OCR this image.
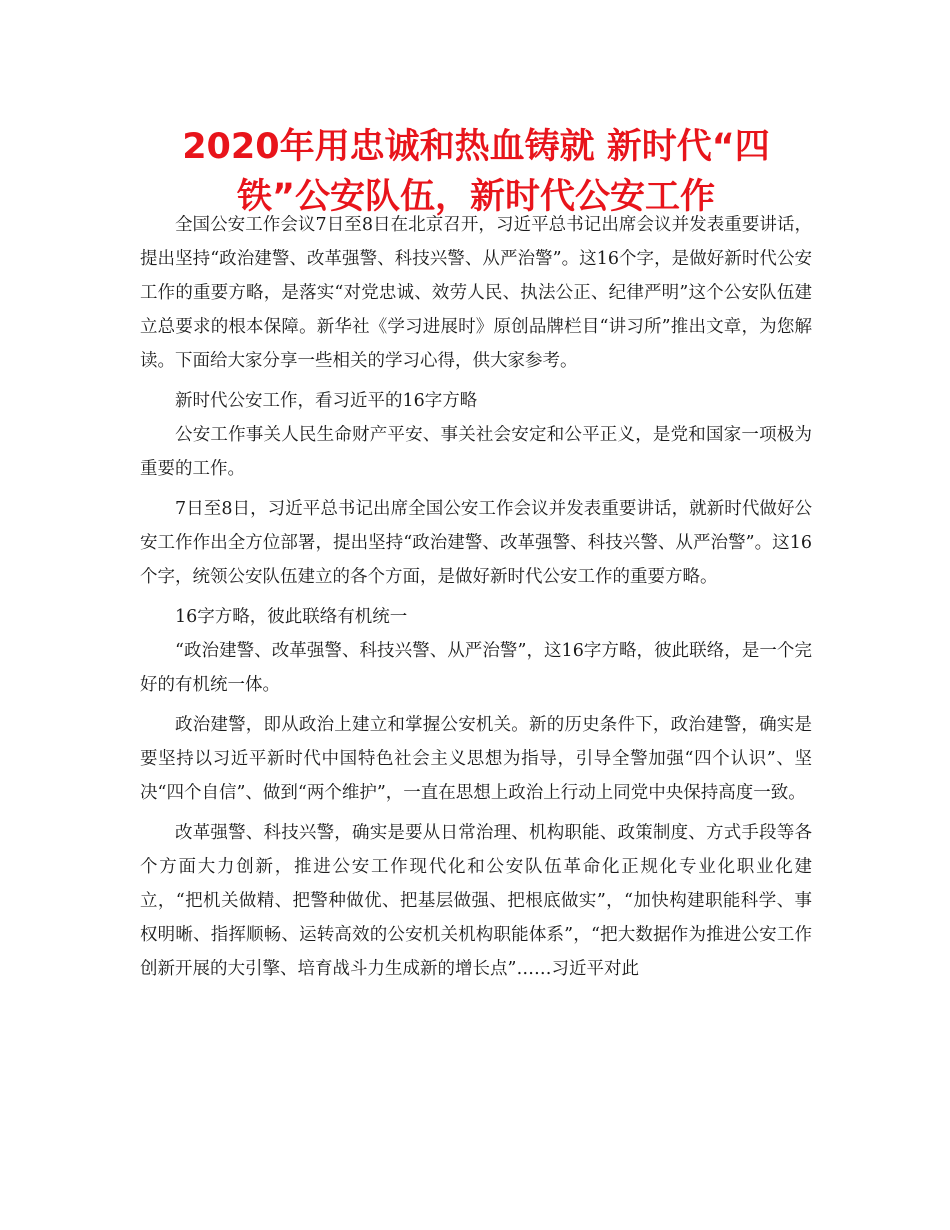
2020年用忠诚和热血铸就 新时代“四铁”公安队伍，新时代公安工作

全国公安工作会议7日至8日在北京召开，习近平总书记出席会议并发表重要讲话，提出坚持“政治建警、改革强警、科技兴警、从严治警”。这16个字，是做好新时代公安工作的重要方略，是落实“对党忠诚、效劳人民、执法公正、纪律严明”这个公安队伍建立总要求的根本保障。新华社《学习进展时》原创品牌栏目“讲习所”推出文章，为您解读。下面给大家分享一些相关的学习心得，供大家参考。

新时代公安工作，看习近平的16字方略

公安工作事关人民生命财产平安、事关社会安定和公平正义，是党和国家一项极为重要的工作。

7日至8日，习近平总书记出席全国公安工作会议并发表重要讲话，就新时代做好公安工作作出全方位部署，提出坚持“政治建警、改革强警、科技兴警、从严治警”。这16个字，统领公安队伍建立的各个方面，是做好新时代公安工作的重要方略。

16字方略，彼此联络有机统一

“政治建警、改革强警、科技兴警、从严治警”，这16字方略，彼此联络，是一个完好的有机统一体。

政治建警，即从政治上建立和掌握公安机关。新的历史条件下，政治建警，确实是要坚持以习近平新时代中国特色社会主义思想为指导，引导全警加强“四个认识”、坚决“四个自信”、做到“两个维护”，一直在思想上政治上行动上同党中央保持高度一致。

改革强警、科技兴警，确实是要从日常治理、机构职能、政策制度、方式手段等各个方面大力创新，推进公安工作现代化和公安队伍革命化正规化专业化职业化建立，“把机关做精、把警种做优、把基层做强、把根底做实”，“加快构建职能科学、事权明晰、指挥顺畅、运转高效的公安机关机构职能体系”，“把大数据作为推进公安工作创新开展的大引擎、培育战斗力生成新的增长点”……习近平对此
